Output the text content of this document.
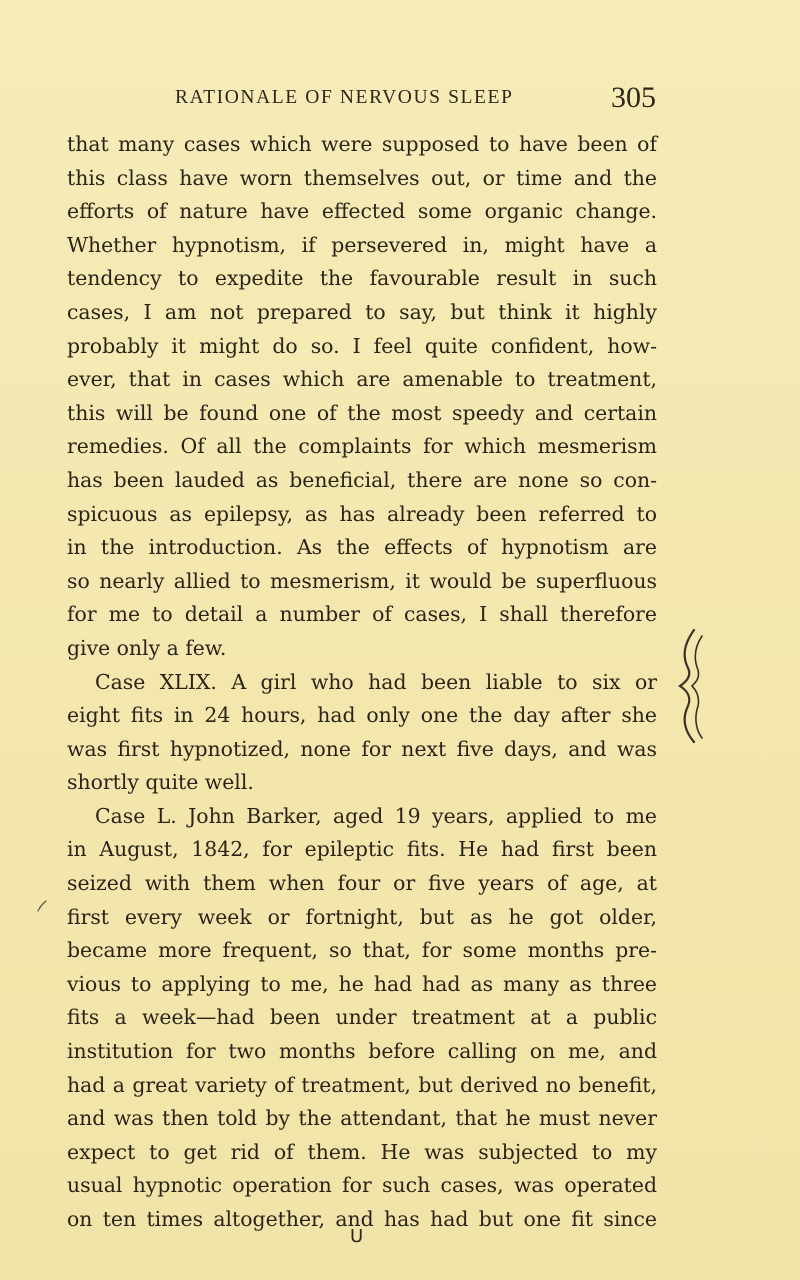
RATIONALE OF NERVOUS SLEEP	305
that many cases which were supposed to have been of
this class have worn themselves out, or time and the
efforts of nature have effected some organic change.
Whether hypnotism, if persevered in, might have a
tendency to expedite the favourable result in such
cases, I am not prepared to say, but think it highly
probably it might do so. I feel quite confident, how-
ever, that in cases which are amenable to treatment,
this will be found one of the most speedy and certain
remedies. Of all the complaints for which mesmerism
has been lauded as beneficial, there are none so con-
spicuous as epilepsy, as has already been referred to
in the introduction. As the effects of hypnotism are
so nearly allied to mesmerism, it would be superfluous
for me to detail a number of cases, I shall therefore
give only a few.
Case XLIX. A girl who had been liable to six or
eight fits in 24 hours, had only one the day after she
was first hypnotized, none for next five days, and was
shortly quite well.
Case L. John Barker, aged 19 years, applied to me
in August, 1842, for epileptic fits. He had first been
seized with them when four or five years of age, at
first every week or fortnight, but as he got older,
became more frequent, so that, for some months pre-
vious to applying to me, he had had as many as three
fits a week—had been under treatment at a public
institution for two months before calling on me, and
had a great variety of treatment, but derived no benefit,
and was then told by the attendant, that he must never
expect to get rid of them. He was subjected to my
usual hypnotic operation for such cases, was operated
on ten times altogether, and has had but one fit since
U
